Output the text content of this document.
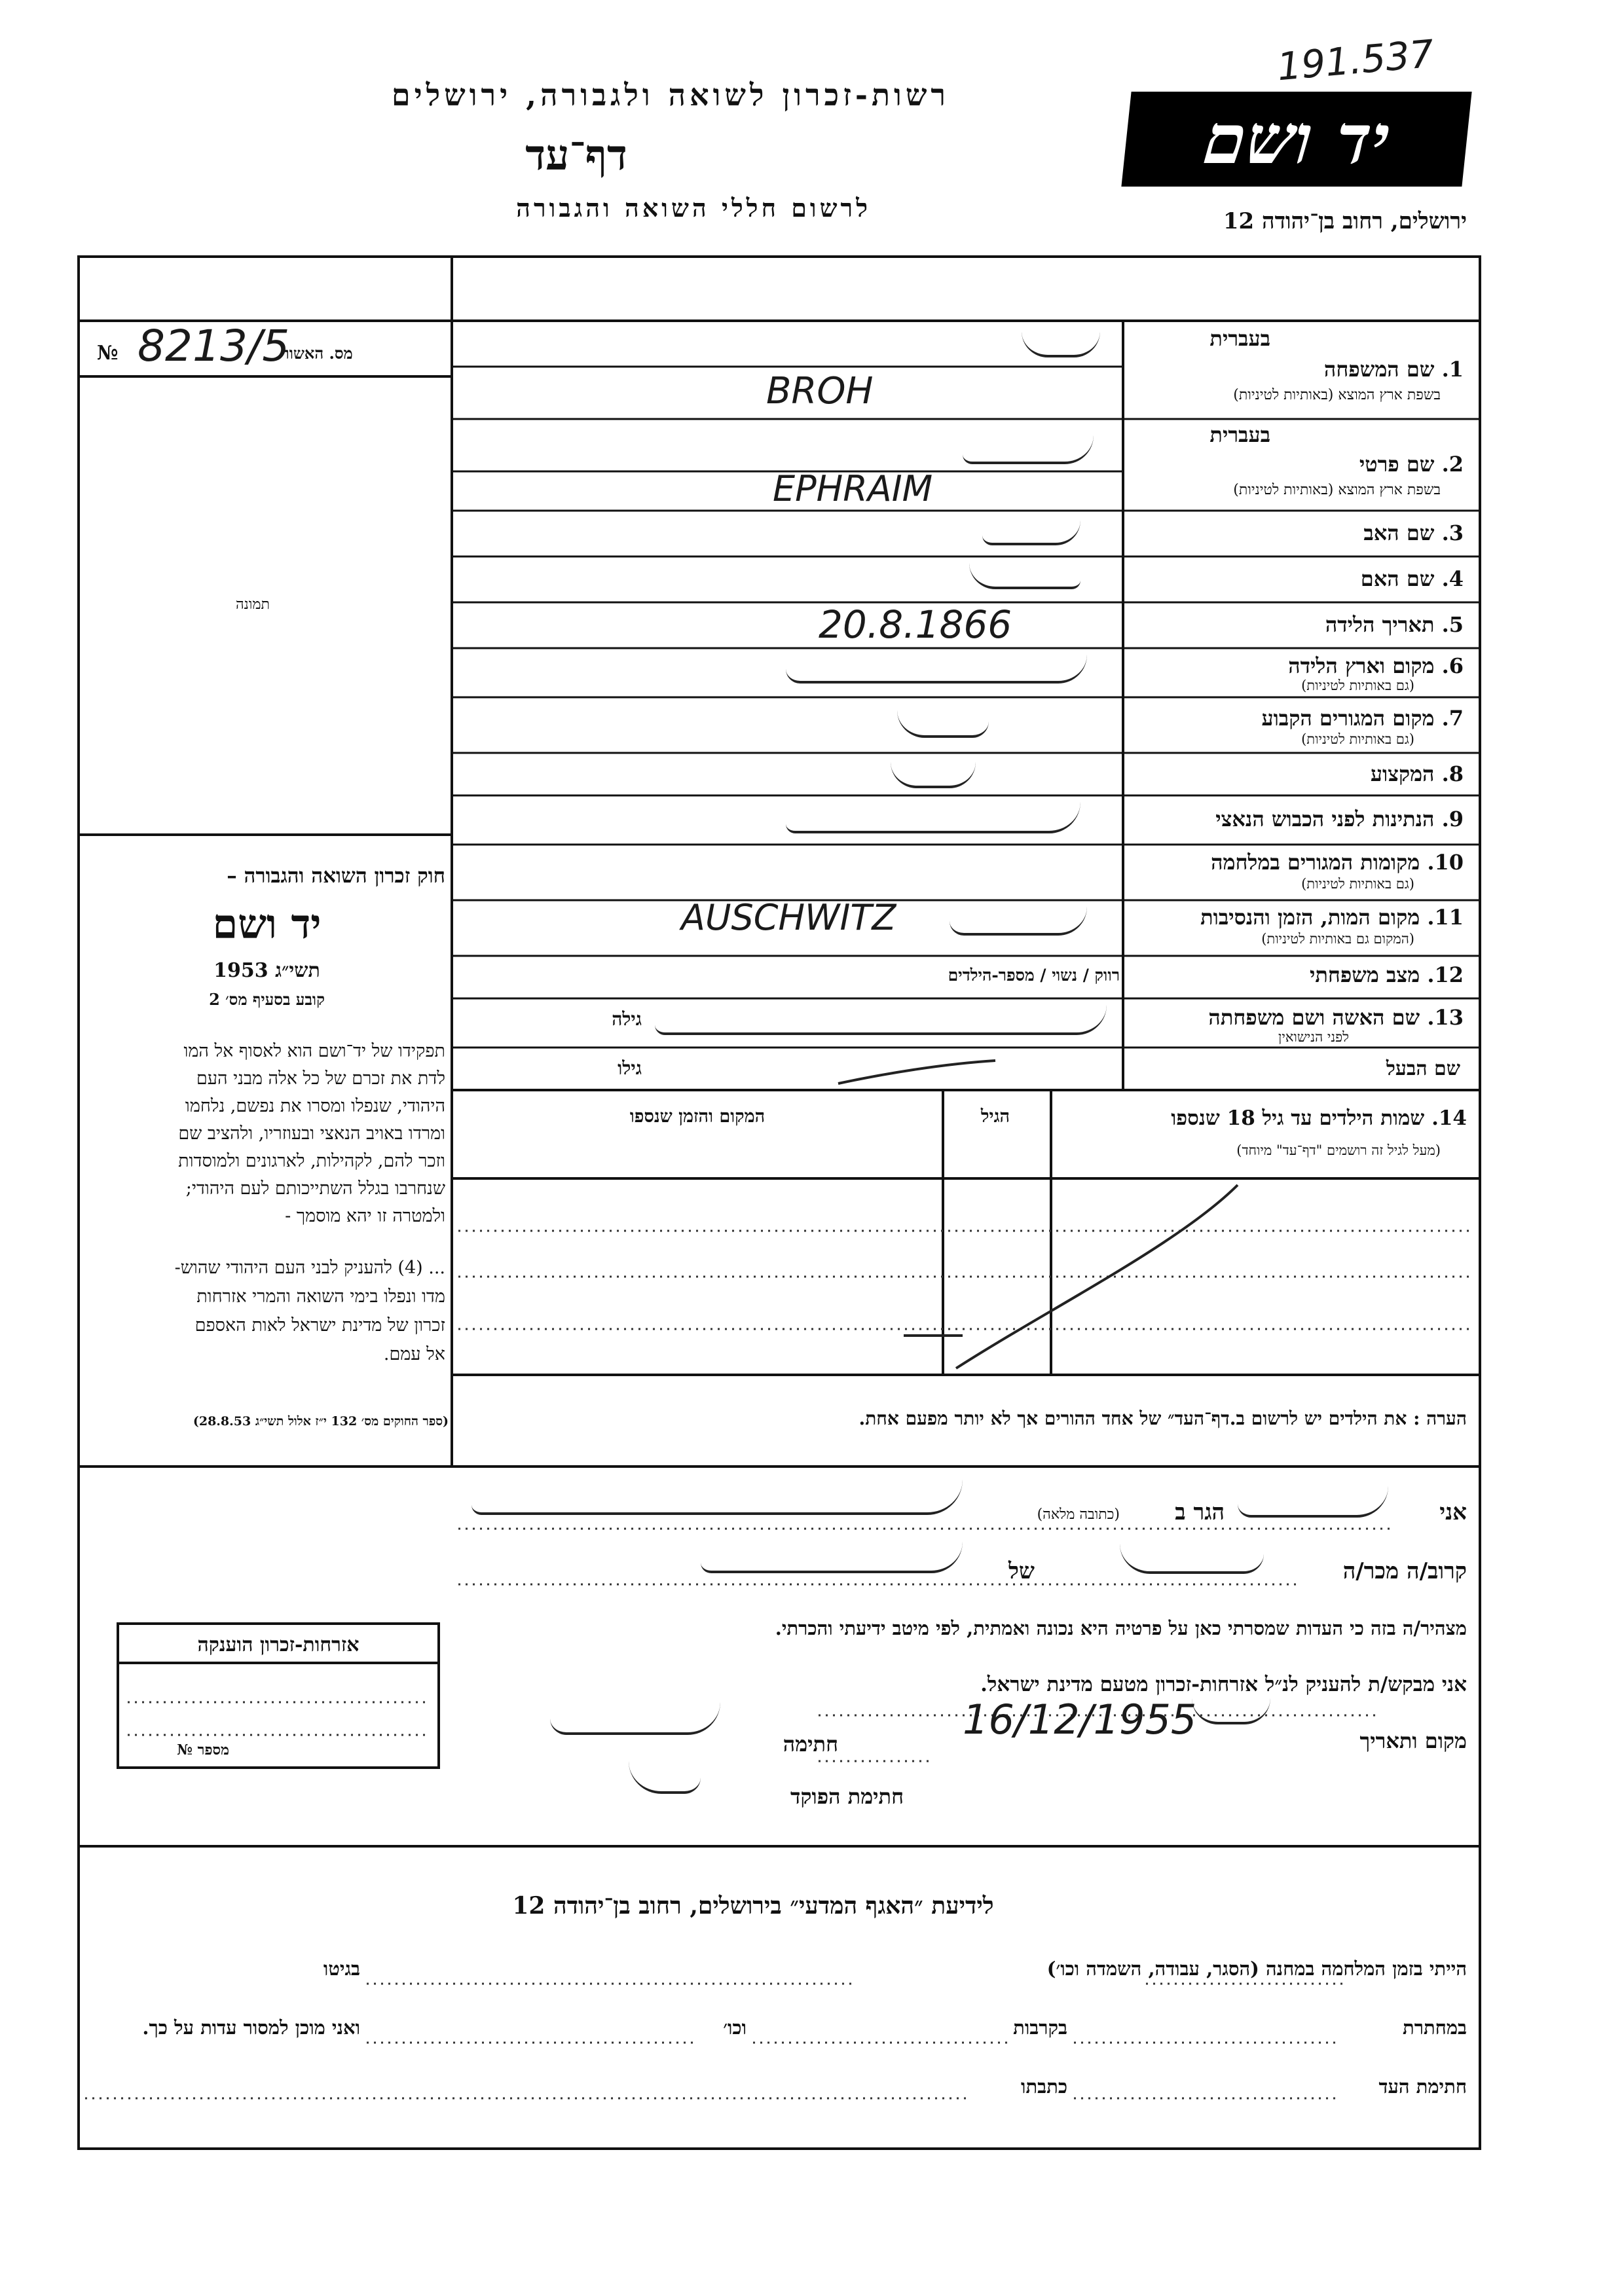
רשות-זכרון לשואה ולגבורה, ירושלים
דף־עד
לרשום חללי השואה והגבורה
יד ושם
ירושלים, רחוב בן־יהודה 12
191.537
מס. האשור
№ 8213/5
תמונה
חוק זכרון השואה והגבורה –
יד ושם
תשי״ג 1953
קובע בסעיף מס׳ 2
תפקידו של יד־ושם הוא לאסוף אל המו
לדת את זכרם של כל אלה מבני העם
היהודי, שנפלו ומסרו את נפשם, נלחמו
ומרדו באויב הנאצי ובעוזריו, ולהציב שם
וזכר להם, לקהילות, לארגונים ולמוסדות
שנחרבו בגלל השתייכותם לעם היהודי;
ולמטרה זו יהא מוסמך -
... (4) להעניק לבני העם היהודי שהוש-
מדו ונפלו בימי השואה והמרי אזרחות
זכרון של מדינת ישראל לאות האספם
אל עמם.
(ספר החוקים מס׳ 132 י״ז אלול תשי״ג 28.8.53)
בעברית
1. שם המשפחה
בשפת ארץ המוצא (באותיות לטיניות)
BROH
בעברית
2. שם פרטי
בשפת ארץ המוצא (באותיות לטיניות)
EPHRAIM
3. שם האב
4. שם האם
5. תאריך הלידה
6. מקום וארץ הלידה
(גם באותיות לטיניות)
7. מקום המגורים הקבוע
(גם באותיות לטיניות)
8. המקצוע
9. הנתינות לפני הכבוש הנאצי
10. מקומות המגורים במלחמה
(גם באותיות לטיניות)
11. מקום המות, הזמן והנסיבות
(המקום גם באותיות לטיניות)
12. מצב משפחתי
רווק / נשוי / מספר-הילדים
13. שם האשה ושם משפחתה
לפני הנישואין
גילה
שם הבעל
גילו
20.8.1866
AUSCHWITZ
14. שמות הילדים עד גיל 18 שנספו
(מעל לגיל זה רושמים "דף־עד" מיוחד)
הגיל
המקום והזמן שנספו
הערה : את הילדים יש לרשום ב.דף־העד״ של אחד ההורים אך לא יותר מפעם אחת.
אני
הגר ב
(כתובה מלאה)
קרוב/ה מכר/ה
של
מצהיר/ה בזה כי העדות שמסרתי כאן על פרטיה היא נכונה ואמתית, לפי מיטב ידיעתי והכרתי.
אני מבקש/ת להעניק לנ״ל אזרחות-זכרון מטעם מדינת ישראל.
מקום ותאריך
16/12/1955
חתימה
חתימת הפוקד
אזרחות-זכרון הוענקה
מספר №
לידיעת ״האגף המדעי״ בירושלים, רחוב בן־יהודה 12
הייתי בזמן המלחמה במחנה (הסגר, עבודה, השמדה וכו׳)
בגיטו
במחתרת
בקרבות
וכו׳
ואני מוכן למסור עדות על כך.
חתימת העד
כתבתו
